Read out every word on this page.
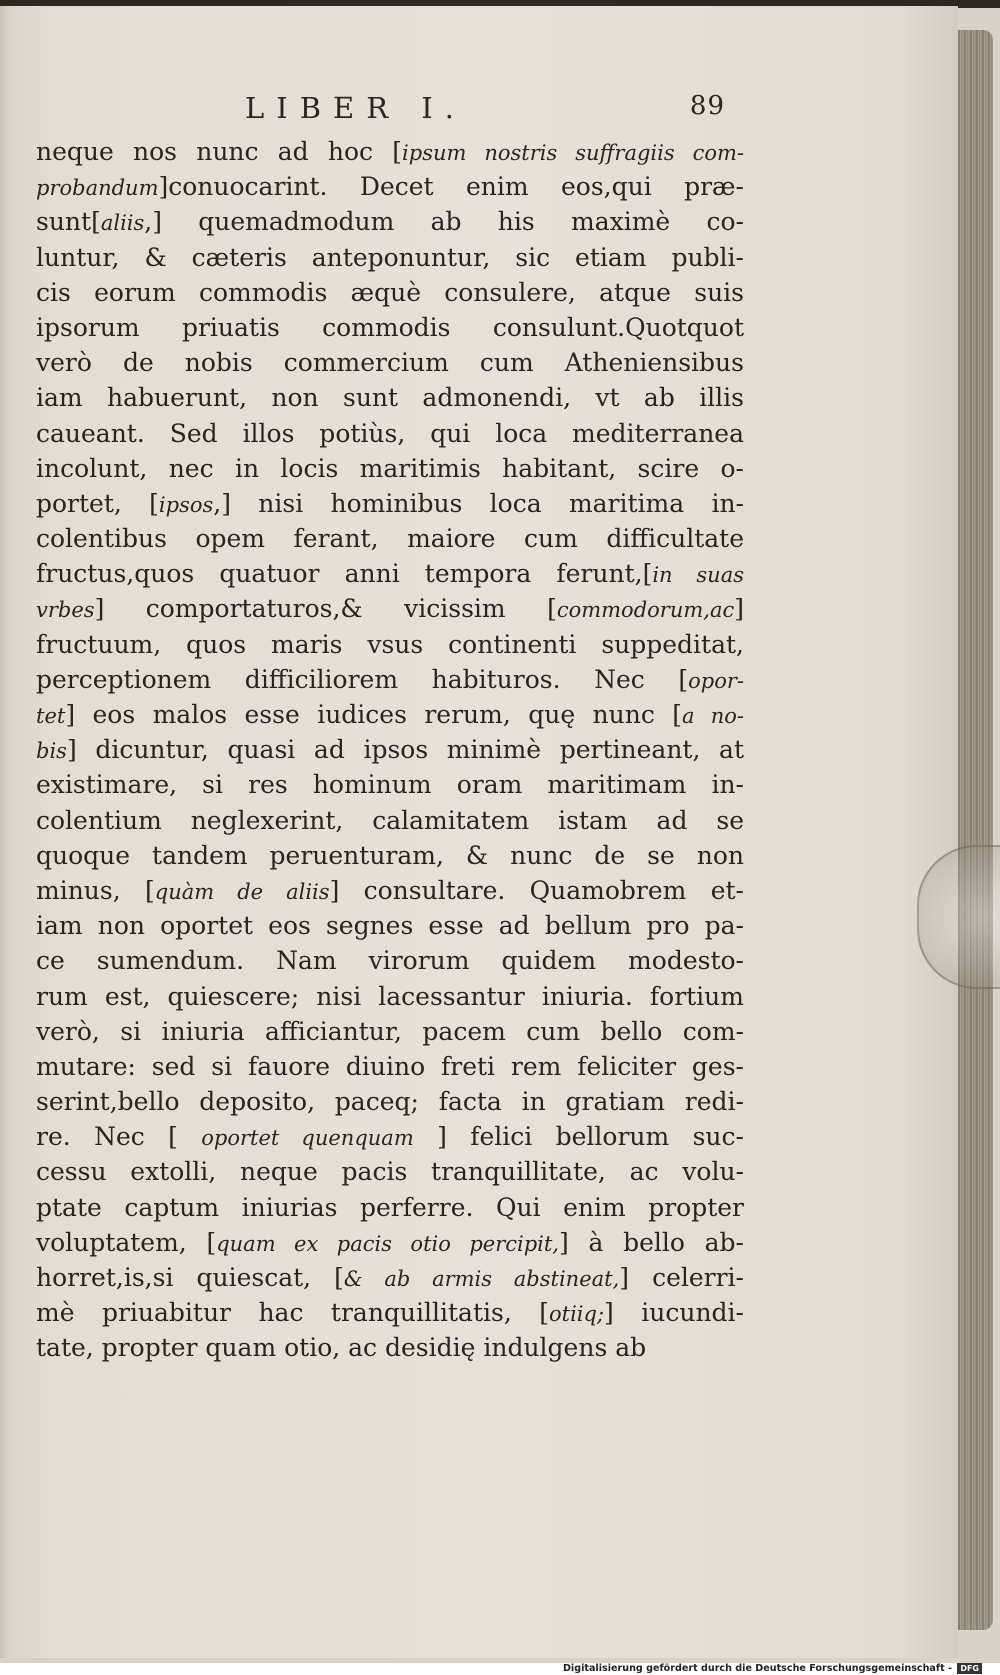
LIBER I.	89
neque nos nunc ad hoc [ipsum nostris suffragiis com-
probandum]conuocarint. Decet enim eos,qui præ-
sunt[aliis,] quemadmodum ab his maximè co-
luntur, & cæteris anteponuntur, sic etiam publi-
cis eorum commodis æquè consulere, atque suis
ipsorum priuatis commodis consulunt.Quotquot
verò de nobis commercium cum Atheniensibus
iam habuerunt, non sunt admonendi, vt ab illis
caueant. Sed illos potiùs, qui loca mediterranea
incolunt, nec in locis maritimis habitant, scire o-
portet, [ipsos,] nisi hominibus loca maritima in-
colentibus opem ferant, maiore cum difficultate
fructus,quos quatuor anni tempora ferunt,[in suas
vrbes] comportaturos,& vicissim [commodorum,ac]
fructuum, quos maris vsus continenti suppeditat,
perceptionem difficiliorem habituros. Nec [opor-
tet] eos malos esse iudices rerum, quę nunc [a no-
bis] dicuntur, quasi ad ipsos minimè pertineant, at
existimare, si res hominum oram maritimam in-
colentium neglexerint, calamitatem istam ad se
quoque tandem peruenturam, & nunc de se non
minus, [quàm de aliis] consultare. Quamobrem et-
iam non oportet eos segnes esse ad bellum pro pa-
ce sumendum. Nam virorum quidem modesto-
rum est, quiescere; nisi lacessantur iniuria. fortium
verò, si iniuria afficiantur, pacem cum bello com-
mutare: sed si fauore diuino freti rem feliciter ges-
serint,bello deposito, paceq; facta in gratiam redi-
re. Nec [ oportet quenquam ] felici bellorum suc-
cessu extolli, neque pacis tranquillitate, ac volu-
ptate captum iniurias perferre. Qui enim propter
voluptatem, [quam ex pacis otio percipit,] à bello ab-
horret,is,si quiescat, [& ab armis abstineat,] celerri-
mè priuabitur hac tranquillitatis, [otiiq;] iucundi-
tate, propter quam otio, ac desidię indulgens ab
Digitalisierung gefördert durch die Deutsche Forschungsgemeinschaft - DFG
